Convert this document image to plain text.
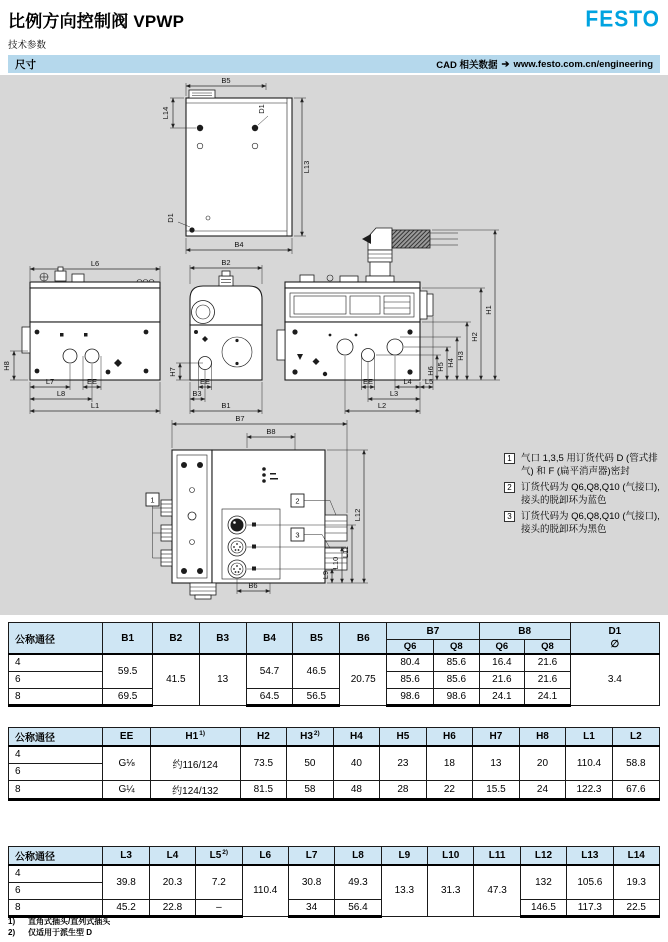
比例方向控制阀 VPWP
技术参数
FESTO
尺寸	CAD 相关数据 ➔ www.festo.com.cn/engineering
B5
L14	D1
L13
D1
B4
L6
H8
EE
L7
L8
L1
B2
H7
EE
B3
B1
H6 H5 H4
H3
H2
H1
EE	L4 L5
L3
L2
B7
B8
1	2
3
L9
L10
L11
L12
B6
1 气口 1,3,5 用订货代码 D (管式排气) 和 F (扁平消声器)密封
2 订货代码为 Q6,Q8,Q10 (气接口), 接头的脱卸环为蓝色
3 订货代码为 Q6,Q8,Q10 (气接口), 接头的脱卸环为黑色
公称通径	B1	B2	B3	B4	B5	B6	B7		B8		D1
∅

							Q6	Q8	Q6	Q8	
4	59.5	41.5	13	54.7	46.5	20.75	80.4	85.6	16.4	21.6	3.4
6							85.6	85.6	21.6	21.6	
8	69.5			64.5	56.5		98.6	98.6	24.1	24.1	
公称通径	EE	H1$^{1)}$	H2	H3$^{2)}$	H4	H5	H6	H7	H8	L1	L2
4	G⅛	约116/124	73.5	50	40	23	18	13	20	110.4	58.8
6											
8	G¼	约124/132	81.5	58	48	28	22	15.5	24	122.3	67.6
公称通径	L3	L4	L5$^{2)}$	L6	L7	L8	L9	L10	L11	L12	L13	L14
4	39.8	20.3	7.2	110.4	30.8	49.3	13.3	31.3	47.3	132	105.6	19.3
6												
8	45.2	22.8	–		34	56.4				146.5	117.3	22.5
1)	直角式插头/直列式插头
2)	仅适用于派生型 D
